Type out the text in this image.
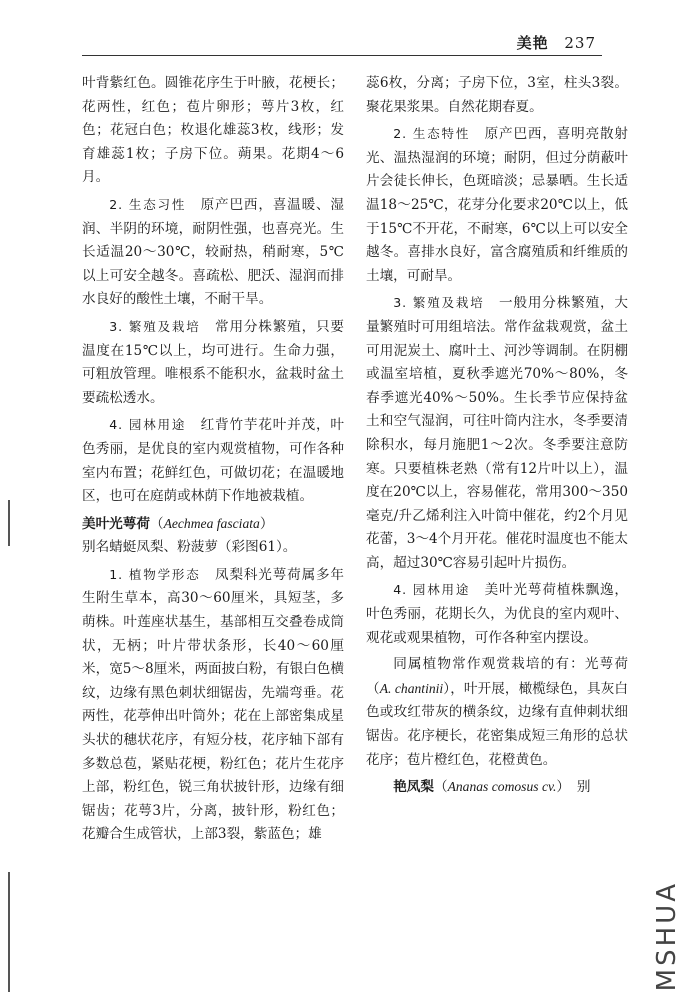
美艳 237

叶背紫红色。圆锥花序生于叶腋，花梗长；花两性，红色；苞片卵形；萼片3枚，红色；花冠白色；枚退化雄蕊3枚，线形；发育雄蕊1枚；子房下位。蒴果。花期4～6月。

2. 生态习性　 原产巴西，喜温暖、湿润、半阴的环境，耐阴性强，也喜亮光。生长适温20～30℃，较耐热，稍耐寒，5℃以上可安全越冬。喜疏松、肥沃、湿润而排水良好的酸性土壤，不耐干旱。

3. 繁殖及栽培　 常用分株繁殖，只要温度在15℃以上，均可进行。生命力强，可粗放管理。唯根系不能积水，盆栽时盆土要疏松透水。

4. 园林用途　 红背竹芋花叶并茂，叶色秀丽，是优良的室内观赏植物，可作各种室内布置；花鲜红色，可做切花；在温暖地区，也可在庭荫或林荫下作地被栽植。

美叶光萼荷（Aechmea fasciata）
别名蜻蜓凤梨、粉菠萝（彩图61）。

1. 植物学形态　 凤梨科光萼荷属多年生附生草本，高30～60厘米，具短茎，多萌株。叶莲座状基生，基部相互交叠卷成筒状，无柄；叶片带状条形，长40～60厘米，宽5～8厘米，两面披白粉，有银白色横纹，边缘有黑色刺状细锯齿，先端弯垂。花两性，花葶伸出叶筒外；花在上部密集成星头状的穗状花序，有短分枝，花序轴下部有多数总苞，紧贴花梗，粉红色；花片生花序上部，粉红色，锐三角状披针形，边缘有细锯齿；花萼3片，分离，披针形，粉红色；花瓣合生成管状，上部3裂，紫蓝色；雄

蕊6枚，分离；子房下位，3室，柱头3裂。聚花果浆果。自然花期春夏。

2. 生态特性　 原产巴西，喜明亮散射光、温热湿润的环境；耐阴，但过分荫蔽叶片会徒长伸长，色斑暗淡；忌暴晒。生长适温18～25℃，花芽分化要求20℃以上，低于15℃不开花，不耐寒，6℃以上可以安全越冬。喜排水良好，富含腐殖质和纤维质的土壤，可耐旱。

3. 繁殖及栽培　 一般用分株繁殖，大量繁殖时可用组培法。常作盆栽观赏，盆土可用泥炭土、腐叶土、河沙等调制。在阴棚或温室培植，夏秋季遮光70%～80%，冬春季遮光40%～50%。生长季节应保持盆土和空气湿润，可往叶筒内注水，冬季要清除积水，每月施肥1～2次。冬季要注意防寒。只要植株老熟（常有12片叶以上），温度在20℃以上，容易催花，常用300～350毫克/升乙烯利注入叶筒中催花，约2个月见花蕾，3～4个月开花。催花时温度也不能太高，超过30℃容易引起叶片损伤。

4. 园林用途　 美叶光萼荷植株飘逸，叶色秀丽，花期长久，为优良的室内观叶、观花或观果植物，可作各种室内摆设。

同属植物常作观赏栽培的有：光萼荷（A. chantinii），叶开展，橄榄绿色，具灰白色或玫红带灰的横条纹，边缘有直伸刺状细锯齿。花序梗长，花密集成短三角形的总状花序；苞片橙红色，花橙黄色。

艳凤梨（Ananas comosus cv.）　别

MSHUA
